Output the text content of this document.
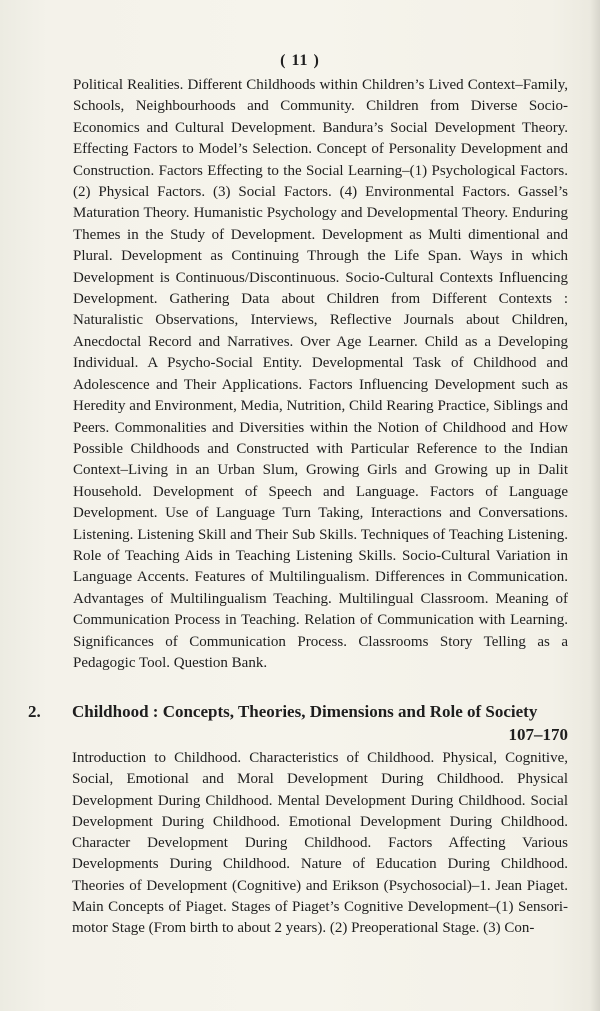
( 11 )

Political Realities. Different Childhoods within Children’s Lived Context–Family, Schools, Neighbourhoods and Community. Children from Diverse Socio-Economics and Cultural Development. Bandura’s Social Development Theory. Effecting Factors to Model’s Selection. Concept of Personality Development and Construction. Factors Effecting to the Social Learning–(1) Psychological Factors. (2) Physical Factors. (3) Social Factors. (4) Environmental Factors. Gassel’s Maturation Theory. Humanistic Psychology and Developmental Theory. Enduring Themes in the Study of Development. Development as Multi dimentional and Plural. Development as Continuing Through the Life Span. Ways in which Development is Continuous/Discontinuous. Socio-Cultural Contexts Influencing Development. Gathering Data about Children from Different Contexts : Naturalistic Observations, Interviews, Reflective Journals about Children, Anecdoctal Record and Narratives. Over Age Learner. Child as a Developing Individual. A Psycho-Social Entity. Developmental Task of Childhood and Adolescence and Their Applications. Factors Influencing Development such as Heredity and Environment, Media, Nutrition, Child Rearing Practice, Siblings and Peers. Commonalities and Diversities within the Notion of Childhood and How Possible Childhoods and Constructed with Particular Reference to the Indian Context–Living in an Urban Slum, Growing Girls and Growing up in Dalit Household. Development of Speech and Language. Factors of Language Development. Use of Language Turn Taking, Interactions and Conversations. Listening. Listening Skill and Their Sub Skills. Techniques of Teaching Listening. Role of Teaching Aids in Teaching Listening Skills. Socio-Cultural Variation in Language Accents. Features of Multilingualism. Differences in Communication. Advantages of Multilingualism Teaching. Multilingual Classroom. Meaning of Communication Process in Teaching. Relation of Communication with Learning. Significances of Communication Process. Classrooms Story Telling as a Pedagogic Tool. Question Bank.

2.	Childhood : Concepts, Theories, Dimensions and Role of Society
107–170
Introduction to Childhood. Characteristics of Childhood. Physical, Cognitive, Social, Emotional and Moral Development During Childhood. Physical Development During Childhood. Mental Development During Childhood. Social Development During Childhood. Emotional Development During Childhood. Character Development During Childhood. Factors Affecting Various Developments During Childhood. Nature of Education During Childhood. Theories of Development (Cognitive) and Erikson (Psychosocial)–1. Jean Piaget. Main Concepts of Piaget. Stages of Piaget’s Cognitive Development–(1) Sensori-motor Stage (From birth to about 2 years). (2) Preoperational Stage. (3) Con-
